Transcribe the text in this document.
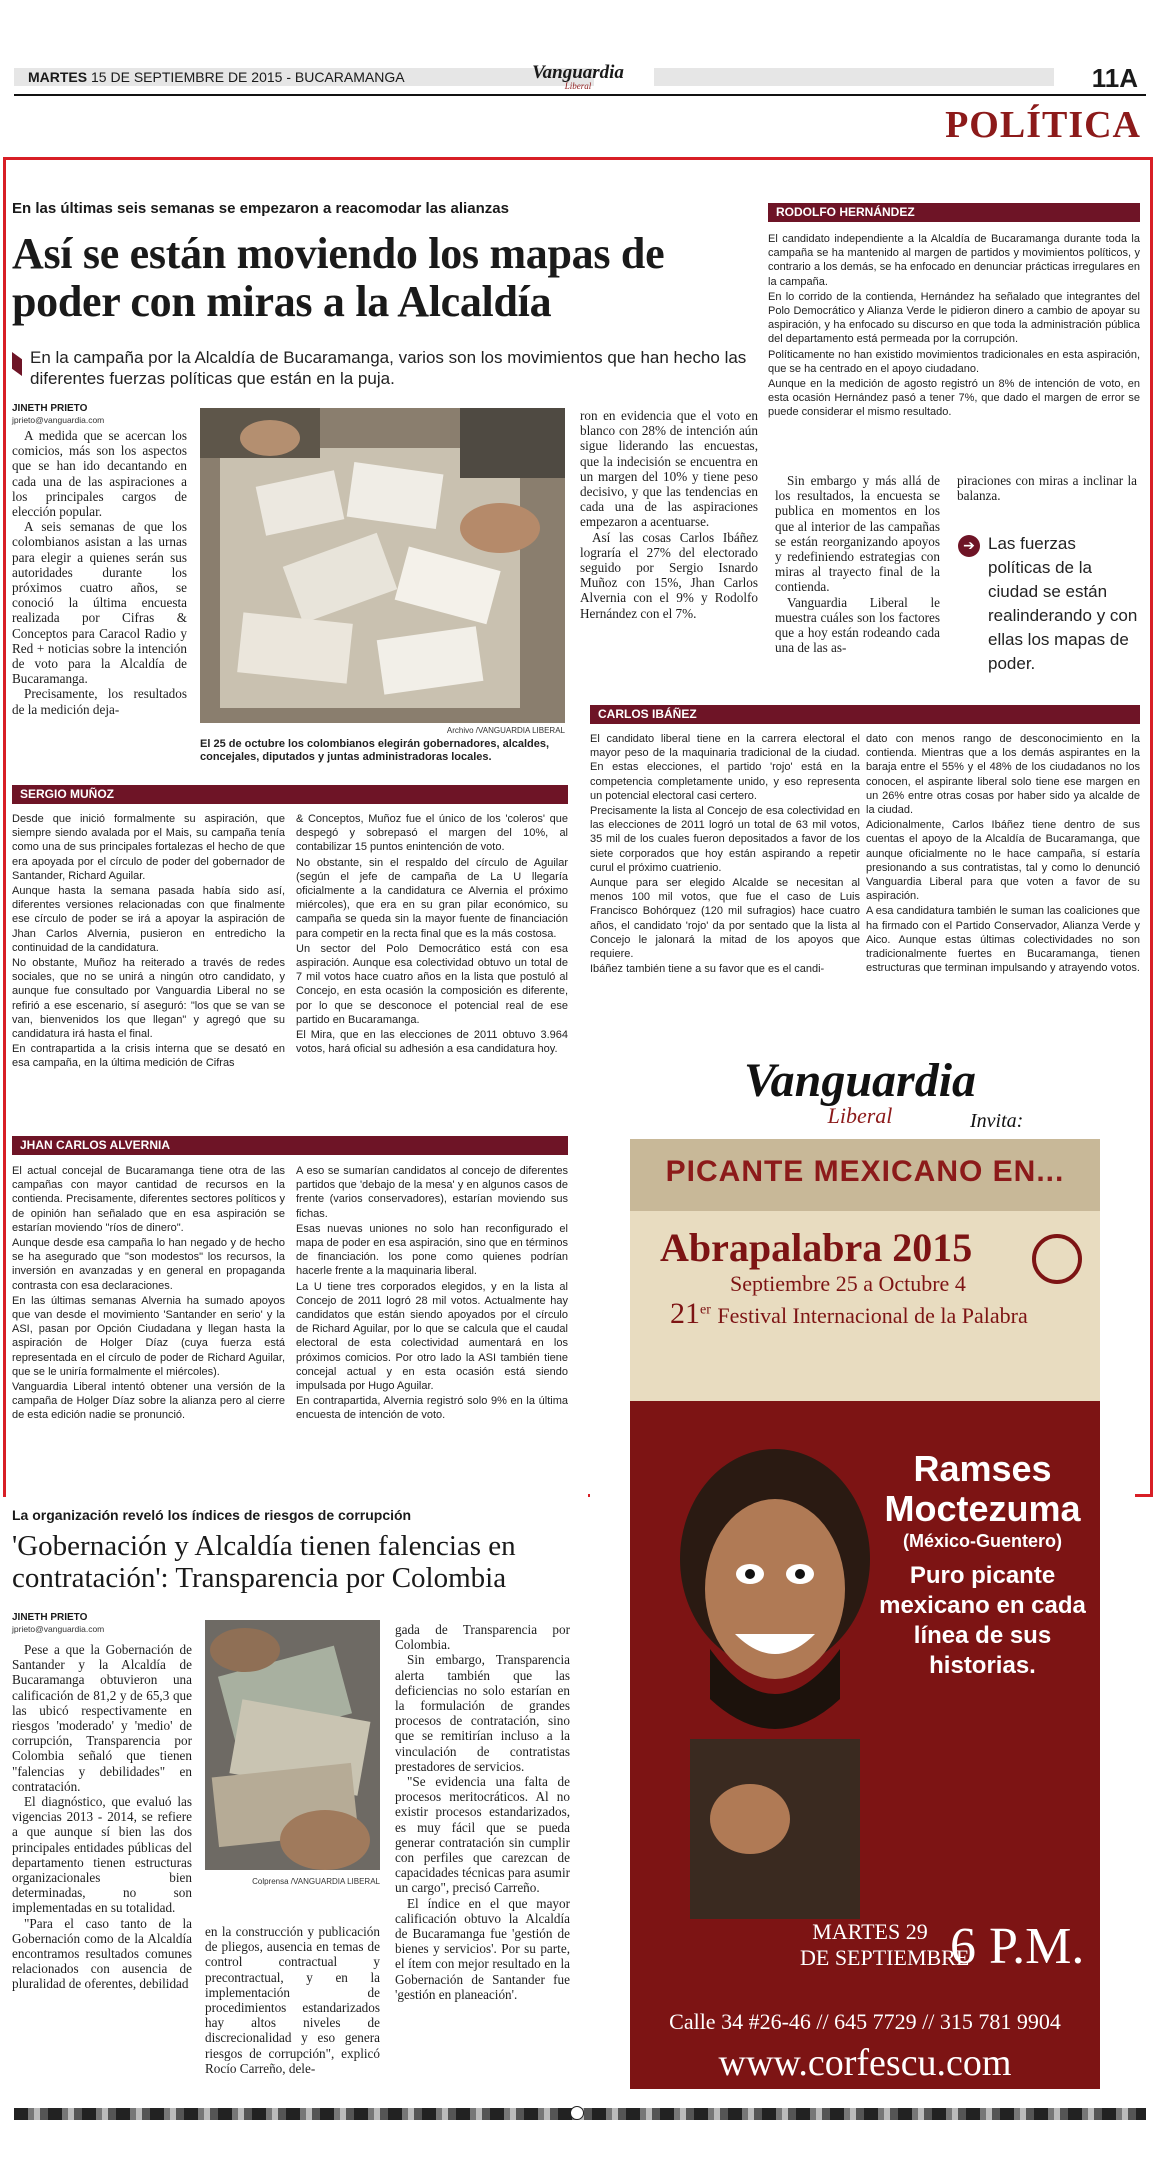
MARTES 15 DE SEPTIEMBRE DE 2015 - BUCARAMANGA	Vanguardia
Liberal	11A
POLÍTICA
En las últimas seis semanas se empezaron a reacomodar las alianzas
Así se están moviendo los mapas de poder con miras a la Alcaldía
En la campaña por la Alcaldía de Bucaramanga, varios son los movimientos que han hecho las diferentes fuerzas políticas que están en la puja.
JINETH PRIETO
jprieto@vanguardia.com

A medida que se acercan los comicios, más son los aspectos que se han ido decantando en cada una de las aspiraciones a los principales cargos de elección popular.

A seis semanas de que los colombianos asistan a las urnas para elegir a quienes serán sus autoridades durante los próximos cuatro años, se conoció la última encuesta realizada por Cifras & Conceptos para Caracol Radio y Red + noticias sobre la intención de voto para la Alcaldía de Bucaramanga.

Precisamente, los resultados de la medición deja-

Archivo /VANGUARDIA LIBERAL
El 25 de octubre los colombianos elegirán gobernadores, alcaldes, concejales, diputados y juntas administradoras locales.

ron en evidencia que el voto en blanco con 28% de intención aún sigue liderando las encuestas, que la indecisión se encuentra en un margen del 10% y tiene peso decisivo, y que las tendencias en cada una de las aspiraciones empezaron a acentuarse.

Así las cosas Carlos Ibáñez lograría el 27% del electorado seguido por Sergio Isnardo Muñoz con 15%, Jhan Carlos Alvernia con el 9% y Rodolfo Hernández con el 7%.

Sin embargo y más allá de los resultados, la encuesta se publica en momentos en los que al interior de las campañas se están reorganizando apoyos y redefiniendo estrategias con miras al trayecto final de la contienda.

Vanguardia Liberal le muestra cuáles son los factores que a hoy están rodeando cada una de las as-

piraciones con miras a inclinar la balanza.
➔ Las fuerzas políticas de la ciudad se están realinderando y con ellas los mapas de poder.
RODOLFO HERNÁNDEZ

El candidato independiente a la Alcaldía de Bucaramanga durante toda la campaña se ha mantenido al margen de partidos y movimientos políticos, y contrario a los demás, se ha enfocado en denunciar prácticas irregulares en la campaña.

En lo corrido de la contienda, Hernández ha señalado que integrantes del Polo Democrático y Alianza Verde le pidieron dinero a cambio de apoyar su aspiración, y ha enfocado su discurso en que toda la administración pública del departamento está permeada por la corrupción.

Políticamente no han existido movimientos tradicionales en esta aspiración, que se ha centrado en el apoyo ciudadano.

Aunque en la medición de agosto registró un 8% de intención de voto, en esta ocasión Hernández pasó a tener 7%, que dado el margen de error se puede considerar el mismo resultado.

CARLOS IBÁÑEZ

El candidato liberal tiene en la carrera electoral el mayor peso de la maquinaria tradicional de la ciudad. En estas elecciones, el partido 'rojo' está en la competencia completamente unido, y eso representa un potencial electoral casi certero.

Precisamente la lista al Concejo de esa colectividad en las elecciones de 2011 logró un total de 63 mil votos, 35 mil de los cuales fueron depositados a favor de los siete corporados que hoy están aspirando a repetir curul el próximo cuatrienio.

Aunque para ser elegido Alcalde se necesitan al menos 100 mil votos, que fue el caso de Luis Francisco Bohórquez (120 mil sufragios) hace cuatro años, el candidato 'rojo' da por sentado que la lista al Concejo le jalonará la mitad de los apoyos que requiere.

Ibáñez también tiene a su favor que es el candi-

dato con menos rango de desconocimiento en la contienda. Mientras que a los demás aspirantes en la baraja entre el 55% y el 48% de los ciudadanos no los conocen, el aspirante liberal solo tiene ese margen en un 26% entre otras cosas por haber sido ya alcalde de la ciudad.

Adicionalmente, Carlos Ibáñez tiene dentro de sus cuentas el apoyo de la Alcaldía de Bucaramanga, que aunque oficialmente no le hace campaña, sí estaría presionando a sus contratistas, tal y como lo denunció Vanguardia Liberal para que voten a favor de su aspiración.

A esa candidatura también le suman las coaliciones que ha firmado con el Partido Conservador, Alianza Verde y Aico. Aunque estas últimas colectividades no son tradicionalmente fuertes en Bucaramanga, tienen estructuras que terminan impulsando y atrayendo votos.

SERGIO MUÑOZ

Desde que inició formalmente su aspiración, que siempre siendo avalada por el Mais, su campaña tenía como una de sus principales fortalezas el hecho de que era apoyada por el círculo de poder del gobernador de Santander, Richard Aguilar.

Aunque hasta la semana pasada había sido así, diferentes versiones relacionadas con que finalmente ese círculo de poder se irá a apoyar la aspiración de Jhan Carlos Alvernia, pusieron en entredicho la continuidad de la candidatura.

No obstante, Muñoz ha reiterado a través de redes sociales, que no se unirá a ningún otro candidato, y aunque fue consultado por Vanguardia Liberal no se refirió a ese escenario, sí aseguró: "los que se van se van, bienvenidos los que llegan" y agregó que su candidatura irá hasta el final.

En contrapartida a la crisis interna que se desató en esa campaña, en la última medición de Cifras

& Conceptos, Muñoz fue el único de los 'coleros' que despegó y sobrepasó el margen del 10%, al contabilizar 15 puntos enintención de voto.

No obstante, sin el respaldo del círculo de Aguilar (según el jefe de campaña de La U llegaría oficialmente a la candidatura ce Alvernia el próximo miércoles), que era en su gran pilar económico, su campaña se queda sin la mayor fuente de financiación para competir en la recta final que es la más costosa.

Un sector del Polo Democrático está con esa aspiración. Aunque esa colectividad obtuvo un total de 7 mil votos hace cuatro años en la lista que postuló al Concejo, en esta ocasión la composición es diferente, por lo que se desconoce el potencial real de ese partido en Bucaramanga.

El Mira, que en las elecciones de 2011 obtuvo 3.964 votos, hará oficial su adhesión a esa candidatura hoy.

JHAN CARLOS ALVERNIA

El actual concejal de Bucaramanga tiene otra de las campañas con mayor cantidad de recursos en la contienda. Precisamente, diferentes sectores políticos y de opinión han señalado que en esa aspiración se estarían moviendo "ríos de dinero".

Aunque desde esa campaña lo han negado y de hecho se ha asegurado que "son modestos" los recursos, la inversión en avanzadas y en general en propaganda contrasta con esa declaraciones.

En las últimas semanas Alvernia ha sumado apoyos que van desde el movimiento 'Santander en serio' y la ASI, pasan por Opción Ciudadana y llegan hasta la aspiración de Holger Díaz (cuya fuerza está representada en el círculo de poder de Richard Aguilar, que se le uniría formalmente el miércoles).

Vanguardia Liberal intentó obtener una versión de la campaña de Holger Díaz sobre la alianza pero al cierre de esta edición nadie se pronunció.

A eso se sumarían candidatos al concejo de diferentes partidos que 'debajo de la mesa' y en algunos casos de frente (varios conservadores), estarían moviendo sus fichas.

Esas nuevas uniones no solo han reconfigurado el mapa de poder en esa aspiración, sino que en términos de financiación. los pone como quienes podrían hacerle frente a la maquinaria liberal.

La U tiene tres corporados elegidos, y en la lista al Concejo de 2011 logró 28 mil votos. Actualmente hay candidatos que están siendo apoyados por el círculo de Richard Aguilar, por lo que se calcula que el caudal electoral de esta colectividad aumentará en los próximos comicios. Por otro lado la ASI también tiene concejal actual y en esta ocasión está siendo impulsada por Hugo Aguilar.

En contrapartida, Alvernia registró solo 9% en la última encuesta de intención de voto.

La organización reveló los índices de riesgos de corrupción
'Gobernación y Alcaldía tienen falencias en contratación': Transparencia por Colombia
JINETH PRIETO
jprieto@vanguardia.com

Pese a que la Gobernación de Santander y la Alcaldía de Bucaramanga obtuvieron una calificación de 81,2 y de 65,3 que las ubicó respectivamente en riesgos 'moderado' y 'medio' de corrupción, Transparencia por Colombia señaló que tienen "falencias y debilidades" en contratación.

El diagnóstico, que evaluó las vigencias 2013 - 2014, se refiere a que aunque sí bien las dos principales entidades públicas del departamento tienen estructuras organizacionales bien determinadas, no son implementadas en su totalidad.

"Para el caso tanto de la Gobernación como de la Alcaldía encontramos resultados comunes relacionados con ausencia de pluralidad de oferentes, debilidad

Colprensa /VANGUARDIA LIBERAL
en la construcción y publicación de pliegos, ausencia en temas de control contractual y precontractual, y en la implementación de procedimientos estandarizados hay altos niveles de discrecionalidad y eso genera riesgos de corrupción", explicó Rocío Carreño, dele-

gada de Transparencia por Colombia.

Sin embargo, Transparencia alerta también que las deficiencias no solo estarían en la formulación de grandes procesos de contratación, sino que se remitirían incluso a la vinculación de contratistas prestadores de servicios.

"Se evidencia una falta de procesos meritocráticos. Al no existir procesos estandarizados, es muy fácil que se pueda generar contratación sin cumplir con perfiles que carezcan de capacidades técnicas para asumir un cargo", precisó Carreño.

El índice en el que mayor calificación obtuvo la Alcaldía de Bucaramanga fue 'gestión de bienes y servicios'. Por su parte, el ítem con mejor resultado en la Gobernación de Santander fue 'gestión en planeación'.

Vanguardia
Liberal	Invita:
PICANTE MEXICANO EN...
Abrapalabra 2015
Septiembre 25 a Octubre 4
21er Festival Internacional de la Palabra
Ramses
Moctezuma
(México-Guentero)
Puro picante mexicano en cada línea de sus historias.
MARTES 29
DE SEPTIEMBRE
6 P.M.
Calle 34 #26-46 // 645 7729 // 315 781 9904
www.corfescu.com
